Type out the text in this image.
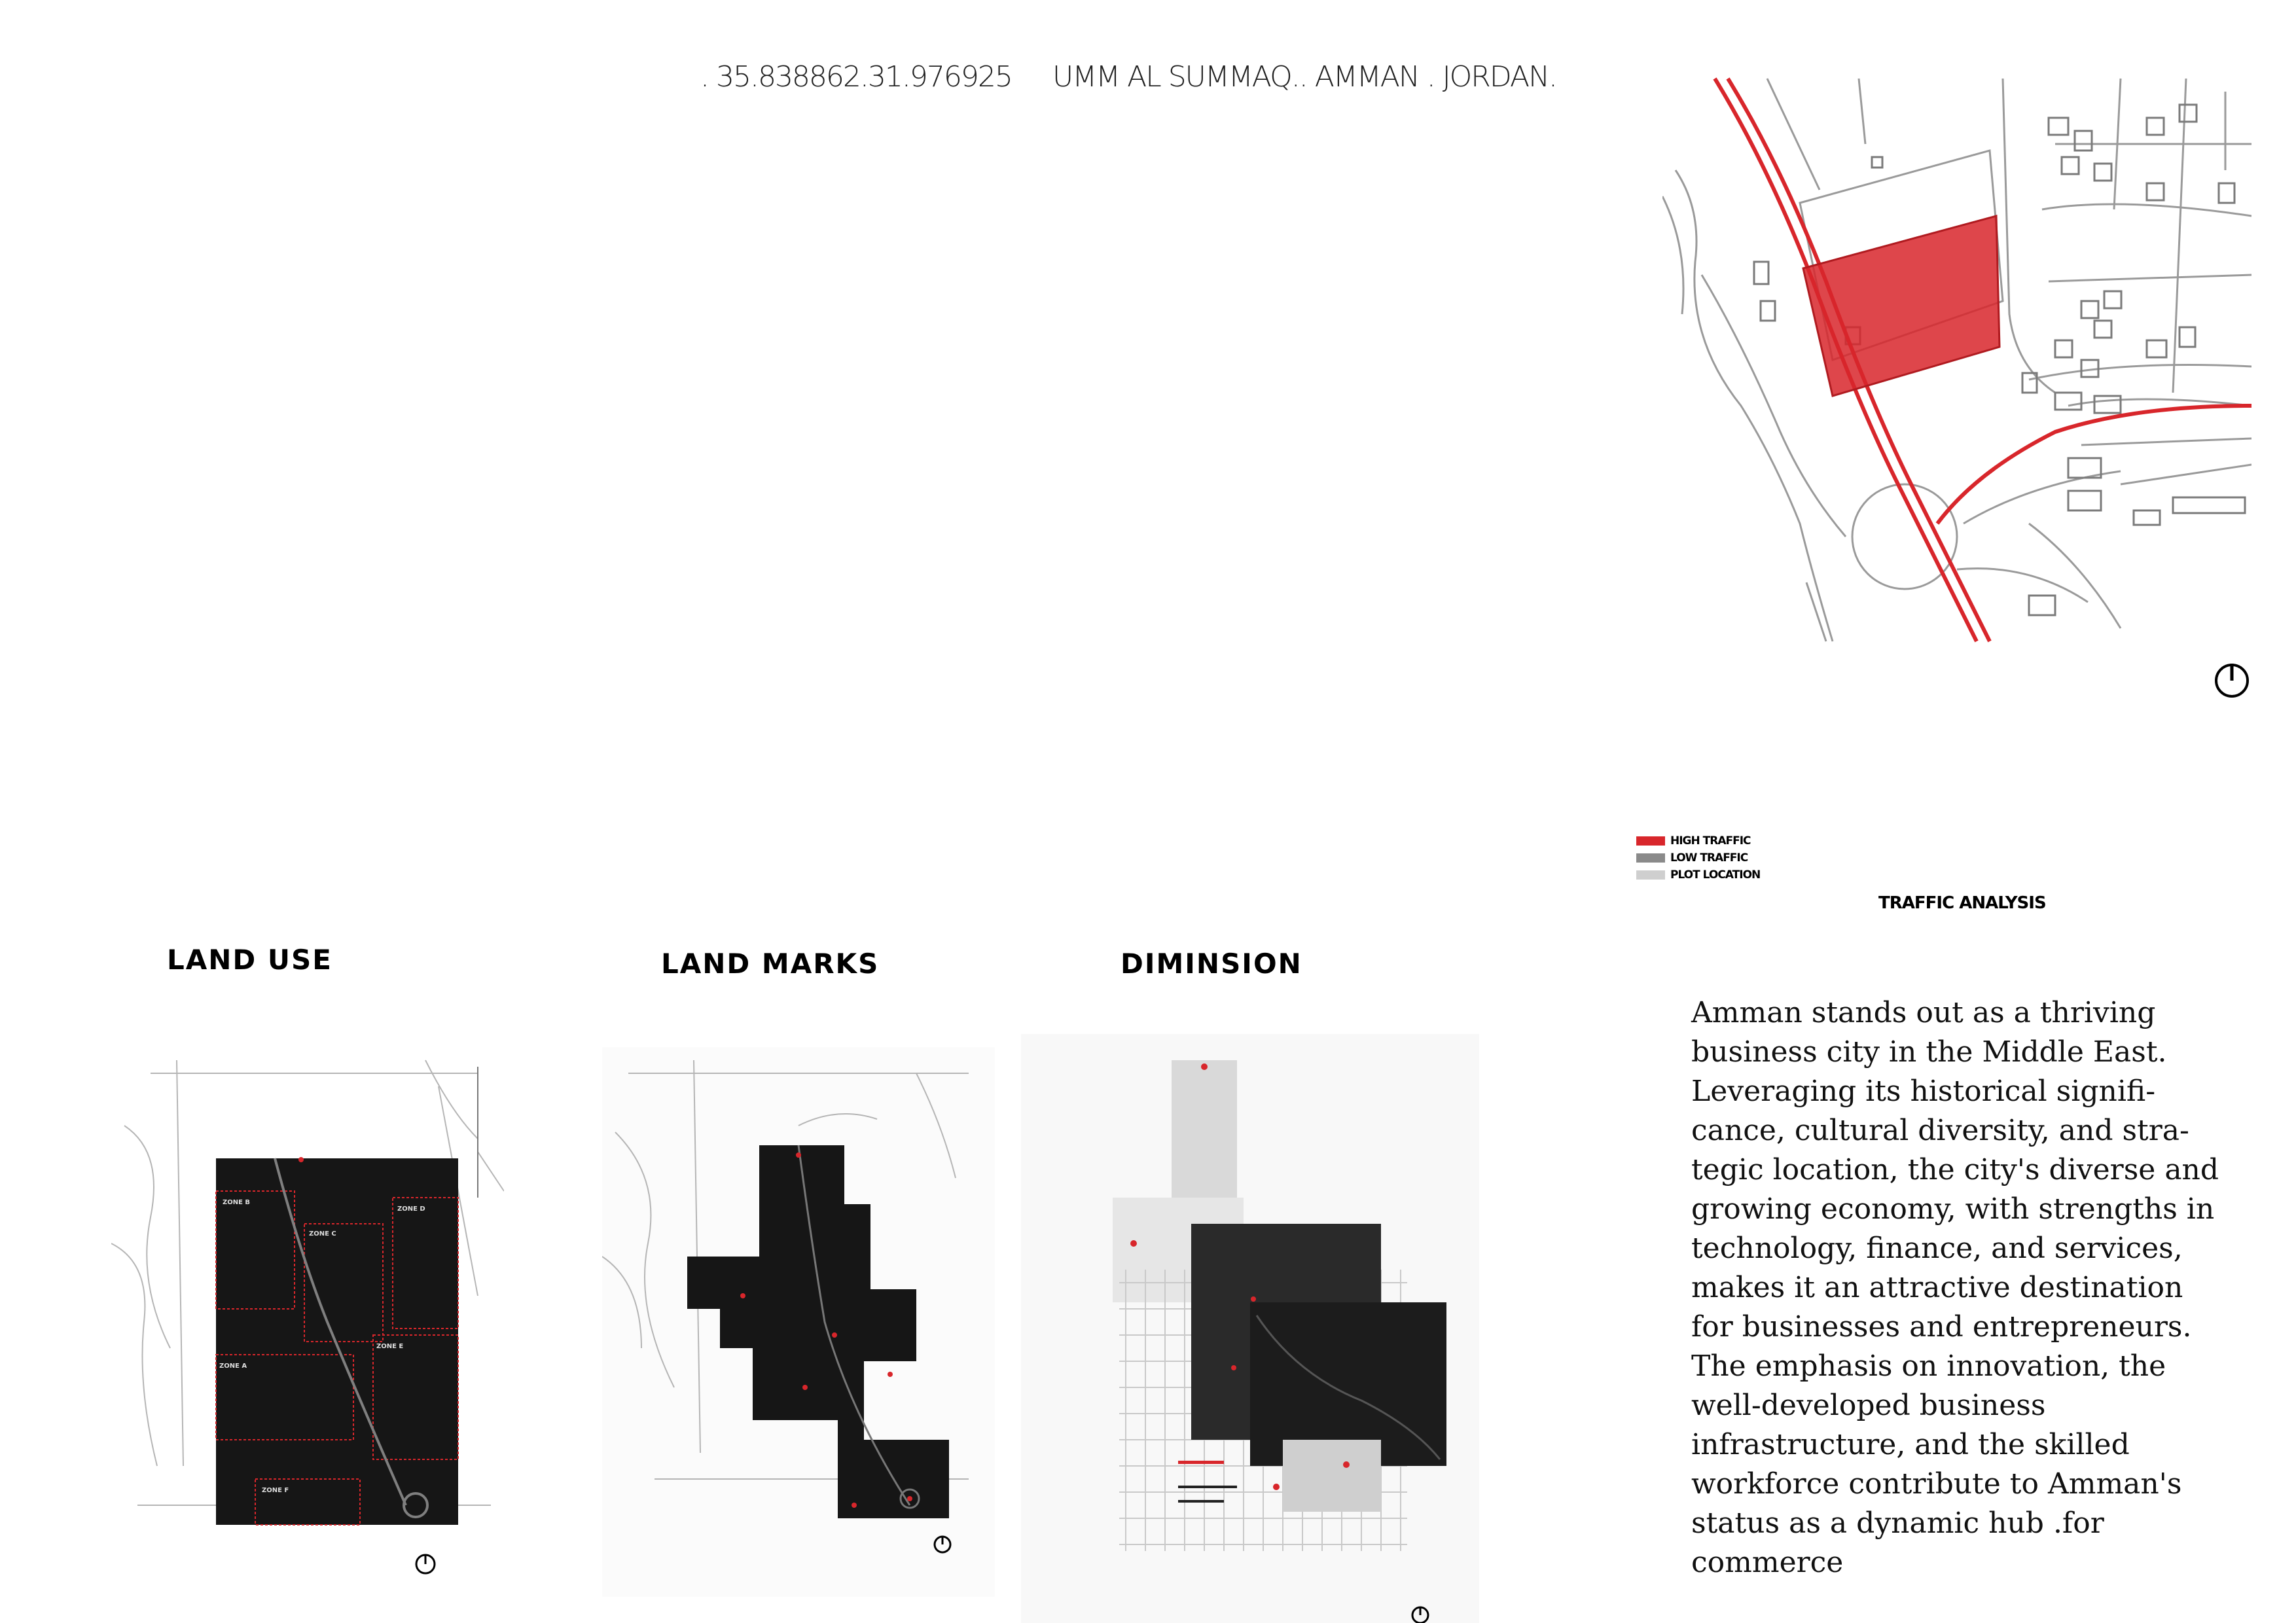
. 35.838862.31.976925 UMM AL SUMMAQ.. AMMAN . JORDAN.
HIGH TRAFFIC
LOW TRAFFIC
PLOT LOCATION
TRAFFIC ANALYSIS
LAND USE	LAND MARKS	DIMINSION
ZONE B
ZONE C
ZONE D
ZONE E
ZONE A
ZONE F
Amman stands out as a thriving business city in the Middle East. Leveraging its historical signifi-cance, cultural diversity, and stra-tegic location, the city's diverse and growing economy, with strengths in technology, finance, and services, makes it an attractive destination for businesses and entrepreneurs. The emphasis on innovation, the well-developed business infrastructure, and the skilled workforce contribute to Amman's status as a dynamic hub .for commerce
